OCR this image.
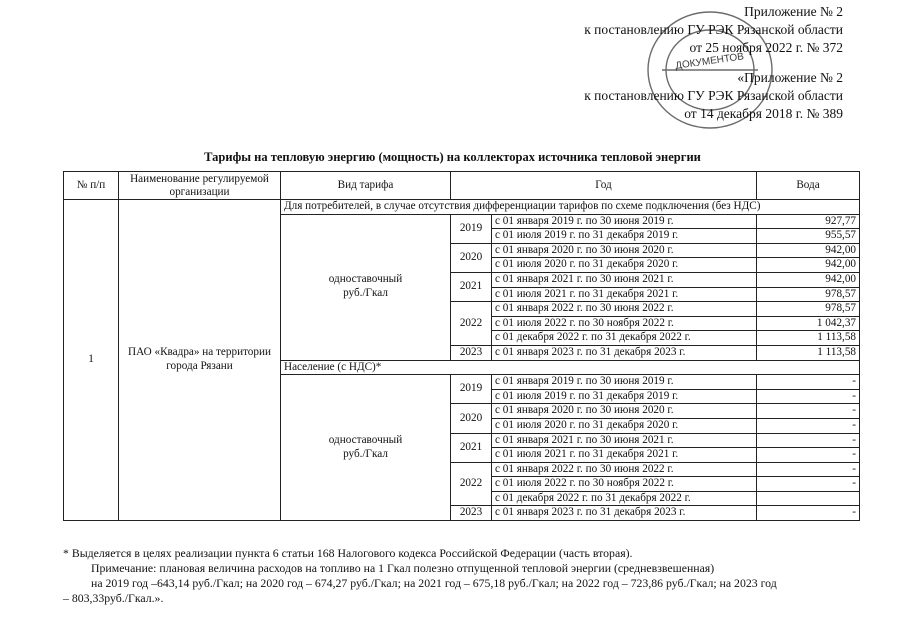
ДОКУМЕНТОВ
Приложение № 2
к постановлению ГУ РЭК Рязанской области
от 25 ноября 2022 г. № 372
«Приложение № 2
к постановлению ГУ РЭК Рязанской области
от 14 декабря 2018 г. № 389
Тарифы на тепловую энергию (мощность) на коллекторах источника тепловой энергии
№ п/п	Наименование регулируемой организации	Вид тарифа	Год		Вода
1	ПАО «Квадра» на территории города Рязани	Для потребителей, в случае отсутствия дифференциации тарифов по схеме подключения (без НДС)			
		одноставочный
руб./Гкал	2019	с 01 января 2019 г. по 30 июня 2019 г.	927,77
				с 01 июля 2019 г. по 31 декабря 2019 г.	955,57
			2020	с 01 января 2020 г. по 30 июня 2020 г.	942,00
				с 01 июля 2020 г. по 31 декабря 2020 г.	942,00
			2021	с 01 января 2021 г. по 30 июня 2021 г.	942,00
				с 01 июля 2021 г. по 31 декабря 2021 г.	978,57
			2022	с 01 января 2022 г. по 30 июня 2022 г.	978,57
				с 01 июля 2022 г. по 30 ноября 2022 г.	1 042,37
				с 01 декабря 2022 г. по 31 декабря 2022 г.	1 113,58
			2023	с 01 января 2023 г. по 31 декабря 2023 г.	1 113,58
		Население (с НДС)*			
		одноставочный
руб./Гкал	2019	с 01 января 2019 г. по 30 июня 2019 г.	-
				с 01 июля 2019 г. по 31 декабря 2019 г.	-
			2020	с 01 января 2020 г. по 30 июня 2020 г.	-
				с 01 июля 2020 г. по 31 декабря 2020 г.	-
			2021	с 01 января 2021 г. по 30 июня 2021 г.	-
				с 01 июля 2021 г. по 31 декабря 2021 г.	-
			2022	с 01 января 2022 г. по 30 июня 2022 г.	-
				с 01 июля 2022 г. по 30 ноября 2022 г.	-
				с 01 декабря 2022 г. по 31 декабря 2022 г.	
			2023	с 01 января 2023 г. по 31 декабря 2023 г.	-
* Выделяется в целях реализации пункта 6 статьи 168 Налогового кодекса Российской Федерации (часть вторая).
Примечание: плановая величина расходов на топливо на 1 Гкал полезно отпущенной тепловой энергии (средневзвешенная)
на 2019 год –643,14 руб./Гкал; на 2020 год – 674,27 руб./Гкал; на 2021 год – 675,18 руб./Гкал; на 2022 год – 723,86 руб./Гкал; на 2023 год
– 803,33руб./Гкал.».
